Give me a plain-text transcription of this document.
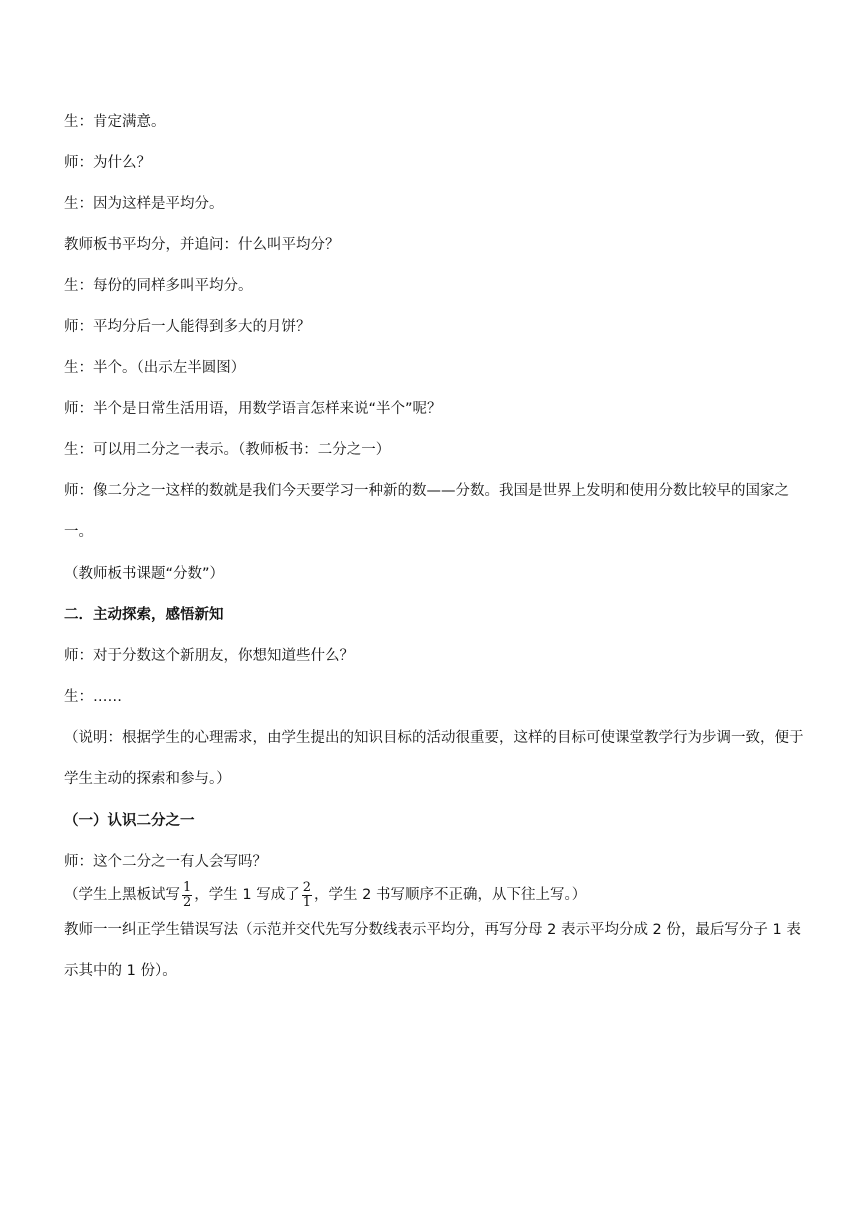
生：肯定满意。

师：为什么？

生：因为这样是平均分。

教师板书平均分，并追问：什么叫平均分？

生：每份的同样多叫平均分。

师：平均分后一人能得到多大的月饼？

生：半个。（出示左半圆图）

师：半个是日常生活用语，用数学语言怎样来说“半个”呢？

生：可以用二分之一表示。（教师板书：二分之一）

师：像二分之一这样的数就是我们今天要学习一种新的数——分数。我国是世界上发明和使用分数比较早的国家之一。

（教师板书课题“分数”）

二．主动探索，感悟新知

师：对于分数这个新朋友，你想知道些什么？

生：……

（说明：根据学生的心理需求，由学生提出的知识目标的活动很重要，这样的目标可使课堂教学行为步调一致，便于学生主动的探索和参与。）

（一）认识二分之一

师：这个二分之一有人会写吗？

（学生上黑板试写 $\frac{1}{2}$ ，学生 1 写成了 $\frac{2}{1}$ ，学生 2 书写顺序不正确，从下往上写。）

教师一一纠正学生错误写法（示范并交代先写分数线表示平均分，再写分母 2 表示平均分成 2 份，最后写分子 1 表示其中的 1 份）。
